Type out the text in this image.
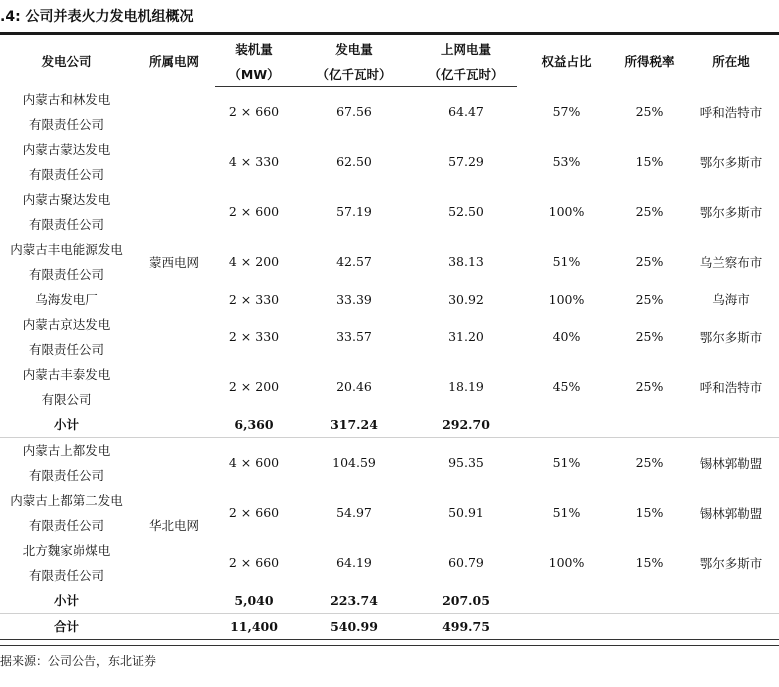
.4: 公司并表火力发电机组概况
发电公司	所属电网	装机量	发电量	上网电量	权益占比	所得税率	所在地
		（MW）	（亿千瓦时）	（亿千瓦时）			
内蒙古和林发电	蒙西电网	2 × 660	67.56	64.47	57%	25%	呼和浩特市
有限责任公司							
内蒙古蒙达发电		4 × 330	62.50	57.29	53%	15%	鄂尔多斯市
有限责任公司							
内蒙古聚达发电		2 × 600	57.19	52.50	100%	25%	鄂尔多斯市
有限责任公司							
内蒙古丰电能源发电		4 × 200	42.57	38.13	51%	25%	乌兰察布市
有限责任公司							
乌海发电厂		2 × 330	33.39	30.92	100%	25%	乌海市
内蒙古京达发电		2 × 330	33.57	31.20	40%	25%	鄂尔多斯市
有限责任公司							
内蒙古丰泰发电		2 × 200	20.46	18.19	45%	25%	呼和浩特市
有限公司							
小计		6,360	317.24	292.70			
内蒙古上都发电	华北电网	4 × 600	104.59	95.35	51%	25%	锡林郭勒盟
有限责任公司							
内蒙古上都第二发电		2 × 660	54.97	50.91	51%	15%	锡林郭勒盟
有限责任公司							
北方魏家峁煤电		2 × 660	64.19	60.79	100%	15%	鄂尔多斯市
有限责任公司							
小计		5,040	223.74	207.05			
合计		11,400	540.99	499.75			
据来源：公司公告，东北证券
